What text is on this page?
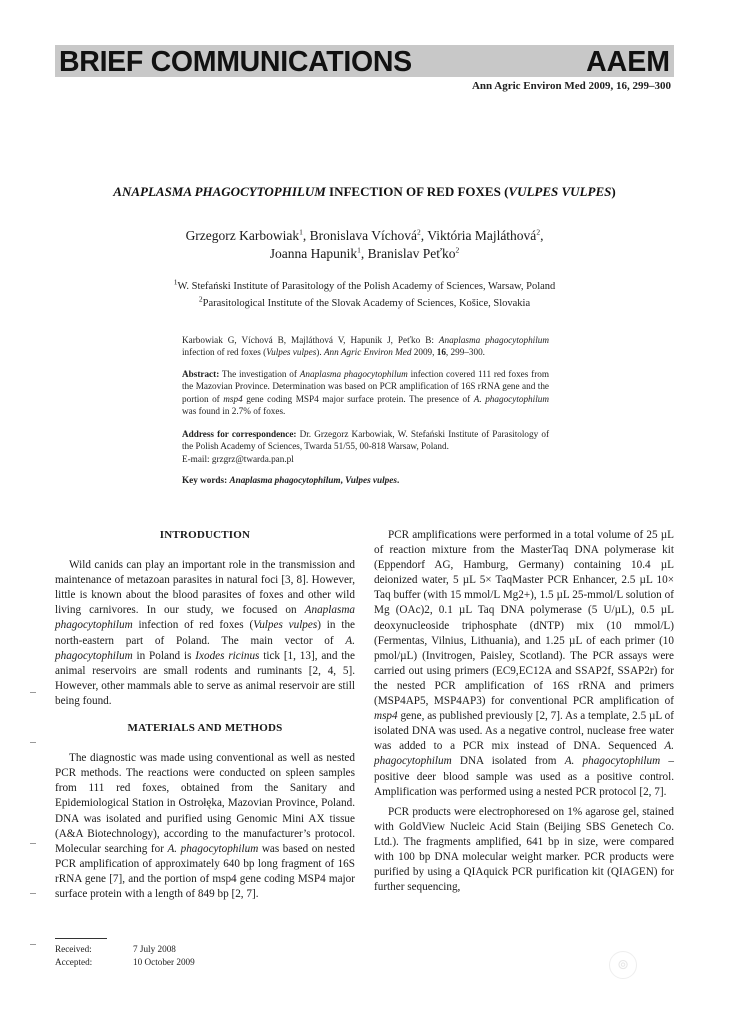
BRIEF COMMUNICATIONS	AAEM
Ann Agric Environ Med 2009, 16, 299–300
ANAPLASMA PHAGOCYTOPHILUM INFECTION OF RED FOXES (VULPES VULPES)
Grzegorz Karbowiak$^1$, Bronislava Víchová$^2$, Viktória Majláthová$^2$,
Joanna Hapunik$^1$, Branislav Peťko$^2$
$^1$W. Stefański Institute of Parasitology of the Polish Academy of Sciences, Warsaw, Poland
$^2$Parasitological Institute of the Slovak Academy of Sciences, Košice, Slovakia

Karbowiak G, Víchová B, Majláthová V, Hapunik J, Peťko B: Anaplasma phagocytophilum infection of red foxes (Vulpes vulpes). Ann Agric Environ Med 2009, 16, 299–300.

Abstract: The investigation of Anaplasma phagocytophilum infection covered 111 red foxes from the Mazovian Province. Determination was based on PCR amplification of 16S rRNA gene and the portion of msp4 gene coding MSP4 major surface protein. The presence of A. phagocytophilum was found in 2.7% of foxes.

Address for correspondence: Dr. Grzegorz Karbowiak, W. Stefański Institute of Parasitology of the Polish Academy of Sciences, Twarda 51/55, 00-818 Warsaw, Poland.
E-mail: grzgrz@twarda.pan.pl

Key words: Anaplasma phagocytophilum, Vulpes vulpes.

INTRODUCTION

Wild canids can play an important role in the transmission and maintenance of metazoan parasites in natural foci [3, 8]. However, little is known about the blood parasites of foxes and other wild living carnivores. In our study, we focused on Anaplasma phagocytophilum infection of red foxes (Vulpes vulpes) in the north-eastern part of Poland. The main vector of A. phagocytophilum in Poland is Ixodes ricinus tick [1, 13], and the animal reservoirs are small rodents and ruminants [2, 4, 5]. However, other mammals able to serve as animal reservoir are still being found.

MATERIALS AND METHODS

The diagnostic was made using conventional as well as nested PCR methods. The reactions were conducted on spleen samples from 111 red foxes, obtained from the Sanitary and Epidemiological Station in Ostrołęka, Mazovian Province, Poland. DNA was isolated and purified using Genomic Mini AX tissue (A&A Biotechnology), according to the manufacturer’s protocol. Molecular searching for A. phagocytophilum was based on nested PCR amplification of approximately 640 bp long fragment of 16S rRNA gene [7], and the portion of msp4 gene coding MSP4 major surface protein with a length of 849 bp [2, 7].

PCR amplifications were performed in a total volume of 25 µL of reaction mixture from the MasterTaq DNA polymerase kit (Eppendorf AG, Hamburg, Germany) containing 10.4 µL deionized water, 5 µL 5× TaqMaster PCR Enhancer, 2.5 µL 10× Taq buffer (with 15 mmol/L Mg2+), 1.5 µL 25-mmol/L solution of Mg (OAc)2, 0.1 µL Taq DNA polymerase (5 U/µL), 0.5 µL deoxynucleoside triphosphate (dNTP) mix (10 mmol/L) (Fermentas, Vilnius, Lithuania), and 1.25 µL of each primer (10 pmol/µL) (Invitrogen, Paisley, Scotland). The PCR assays were carried out using primers (EC9,EC12A and SSAP2f, SSAP2r) for the nested PCR amplification of 16S rRNA and primers (MSP4AP5, MSP4AP3) for conventional PCR amplification of msp4 gene, as published previously [2, 7]. As a template, 2.5 µL of isolated DNA was used. As a negative control, nuclease free water was added to a PCR mix instead of DNA. Sequenced A. phagocytophilum DNA isolated from A. phagocytophilum – positive deer blood sample was used as a positive control. Amplification was performed using a nested PCR protocol [2, 7].

PCR products were electrophoresed on 1% agarose gel, stained with GoldView Nucleic Acid Stain (Beijing SBS Genetech Co. Ltd.). The fragments amplified, 641 bp in size, were compared with 100 bp DNA molecular weight marker. PCR products were purified by using a QIAquick PCR purification kit (QIAGEN) for further sequencing,

Received:	7 July 2008
Accepted:	10 October 2009	⊚
